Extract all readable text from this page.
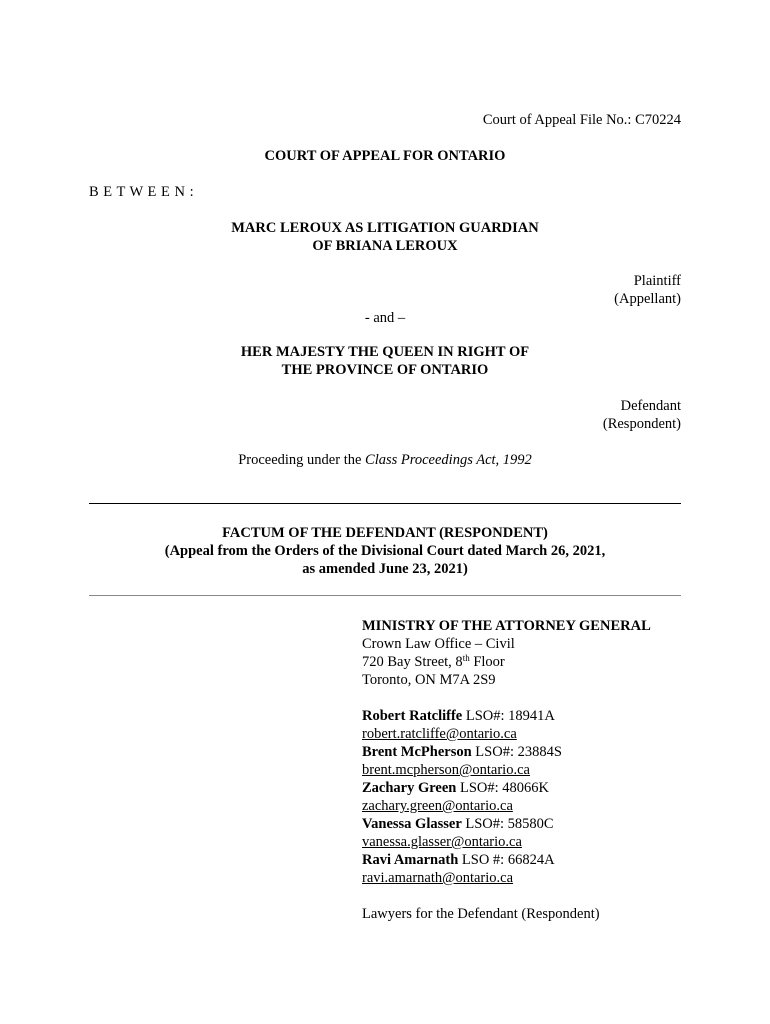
Court of Appeal File No.: C70224
COURT OF APPEAL FOR ONTARIO
B E T W E E N :
MARC LEROUX AS LITIGATION GUARDIAN
OF BRIANA LEROUX
Plaintiff
(Appellant)
- and –
HER MAJESTY THE QUEEN IN RIGHT OF
THE PROVINCE OF ONTARIO
Defendant
(Respondent)
Proceeding under the Class Proceedings Act, 1992
FACTUM OF THE DEFENDANT (RESPONDENT)
(Appeal from the Orders of the Divisional Court dated March 26, 2021,
as amended June 23, 2021)
MINISTRY OF THE ATTORNEY GENERAL
Crown Law Office – Civil
720 Bay Street, 8th Floor
Toronto, ON M7A 2S9
Robert Ratcliffe LSO#: 18941A
robert.ratcliffe@ontario.ca
Brent McPherson LSO#: 23884S
brent.mcpherson@ontario.ca
Zachary Green LSO#: 48066K
zachary.green@ontario.ca
Vanessa Glasser LSO#: 58580C
vanessa.glasser@ontario.ca
Ravi Amarnath LSO #: 66824A
ravi.amarnath@ontario.ca
Lawyers for the Defendant (Respondent)
